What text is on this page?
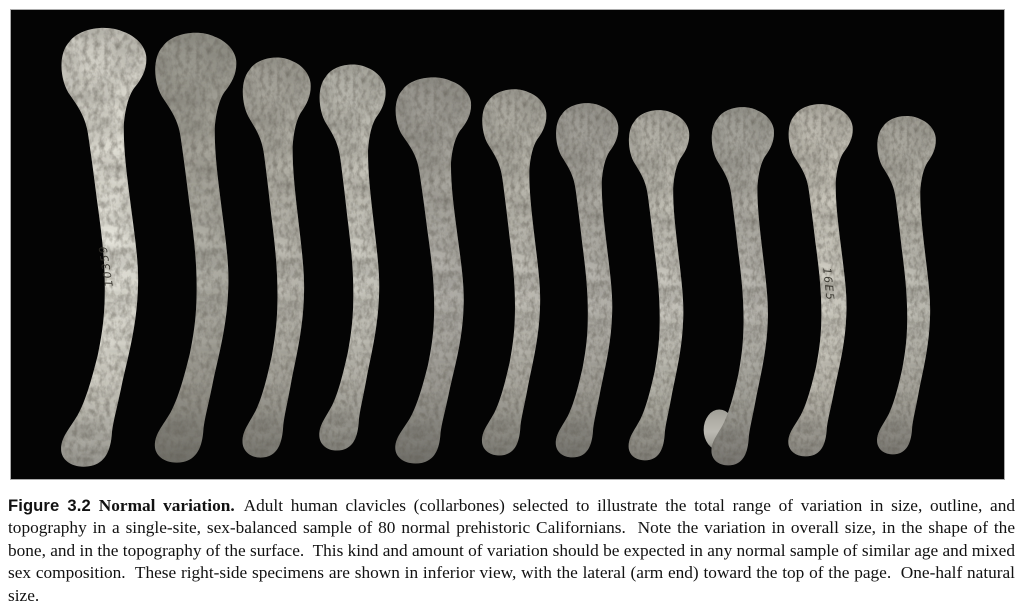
10359	16E5
Figure 3.2 Normal variation. Adult human clavicles (collarbones) selected to illustrate the total range of variation in size, outline, and topography in a single-site, sex-balanced sample of 80 normal prehistoric Californians.  Note the variation in overall size, in the shape of the bone, and in the topography of the surface.  This kind and amount of variation should be expected in any normal sample of similar age and mixed sex composition.  These right-side specimens are shown in inferior view, with the lateral (arm end) toward the top of the page.  One-half natural size.
